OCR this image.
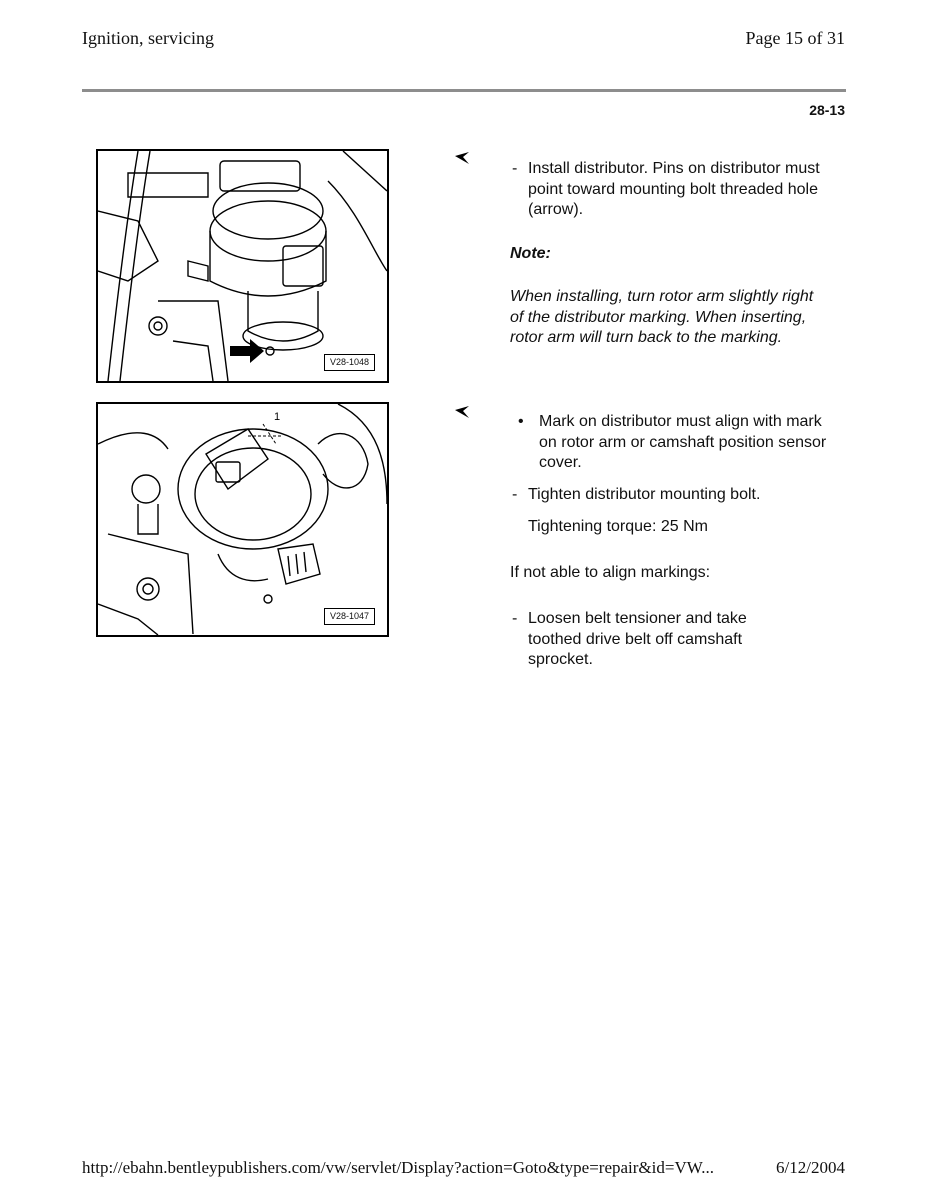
Ignition, servicing	Page 15 of 31
28-13
V28-1048
- Install distributor. Pins on distributor must point toward mounting bolt threaded hole (arrow).
Note:
When installing, turn rotor arm slightly right of the distributor marking. When inserting, rotor arm will turn back to the marking.
1
V28-1047
• Mark on distributor must align with mark on rotor arm or camshaft position sensor cover.
- Tighten distributor mounting bolt.
Tightening torque: 25 Nm
If not able to align markings:
- Loosen belt tensioner and take toothed drive belt off camshaft sprocket.
http://ebahn.bentleypublishers.com/vw/servlet/Display?action=Goto&type=repair&id=VW...	6/12/2004
